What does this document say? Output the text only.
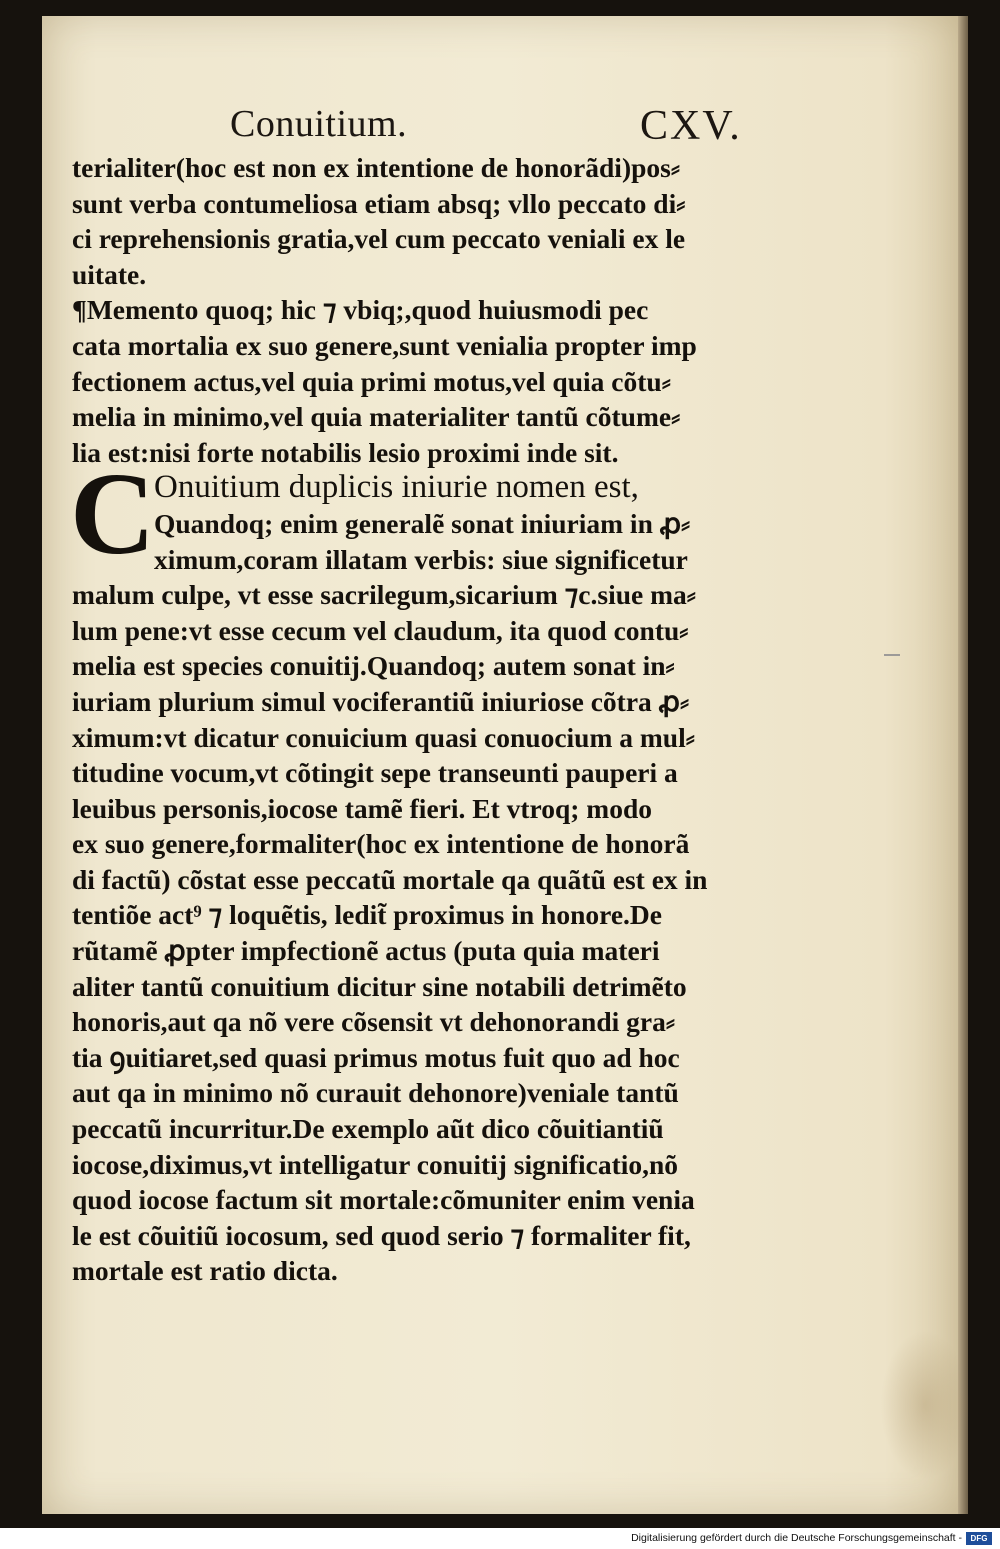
Conuitium.	CXV.
C
terialiter(hoc est non ex intentione de honorãdi)pos⸗
sunt verba contumeliosa etiam absq; vllo peccato di⸗
ci reprehensionis gratia,vel cum peccato veniali ex le
uitate.
¶Memento quoq; hic ⁊ vbiq;,quod huiusmodi pec
cata mortalia ex suo genere,sunt venialia propter imp
fectionem actus,vel quia primi motus,vel quia cõtu⸗
melia in minimo,vel quia materialiter tantũ cõtume⸗
lia est:nisi forte notabilis lesio proximi inde sit.
Onuitium duplicis iniurie nomen est,
Quandoq; enim generalẽ sonat iniuriam in ꝓ⸗
ximum,coram illatam verbis: siue significetur
malum culpe, vt esse sacrilegum,sicarium ⁊c.siue ma⸗
lum pene:vt esse cecum vel claudum, ita quod contu⸗
melia est species conuitij.Quandoq; autem sonat in⸗
iuriam plurium simul vociferantiũ iniuriose cõtra ꝓ⸗
ximum:vt dicatur conuicium quasi conuocium a mul⸗
titudine vocum,vt cõtingit sepe transeunti pauperi a
leuibus personis,iocose tamẽ fieri. Et vtroq; modo
ex suo genere,formaliter(hoc ex intentione de honorã
di factũ) cõstat esse peccatũ mortale qa quãtũ est ex in
tentiõe act⁹ ⁊ loquẽtis, ledit̃ proximus in honore.De
rũtamẽ ꝓpter impfectionẽ actus (puta quia materi
aliter tantũ conuitium dicitur sine notabili detrimẽto
honoris,aut qa nõ vere cõsensit vt dehonorandi gra⸗
tia ꝯuitiaret,sed quasi primus motus fuit quo ad hoc
aut qa in minimo nõ curauit dehonore)veniale tantũ
peccatũ incurritur.De exemplo aũt dico cõuitiantiũ
iocose,diximus,vt intelligatur conuitij significatio,nõ
quod iocose factum sit mortale:cõmuniter enim venia
le est cõuitiũ iocosum, sed quod serio ⁊ formaliter fit,
mortale est ratio dicta.
Digitalisierung gefördert durch die Deutsche Forschungsgemeinschaft -	DFG
